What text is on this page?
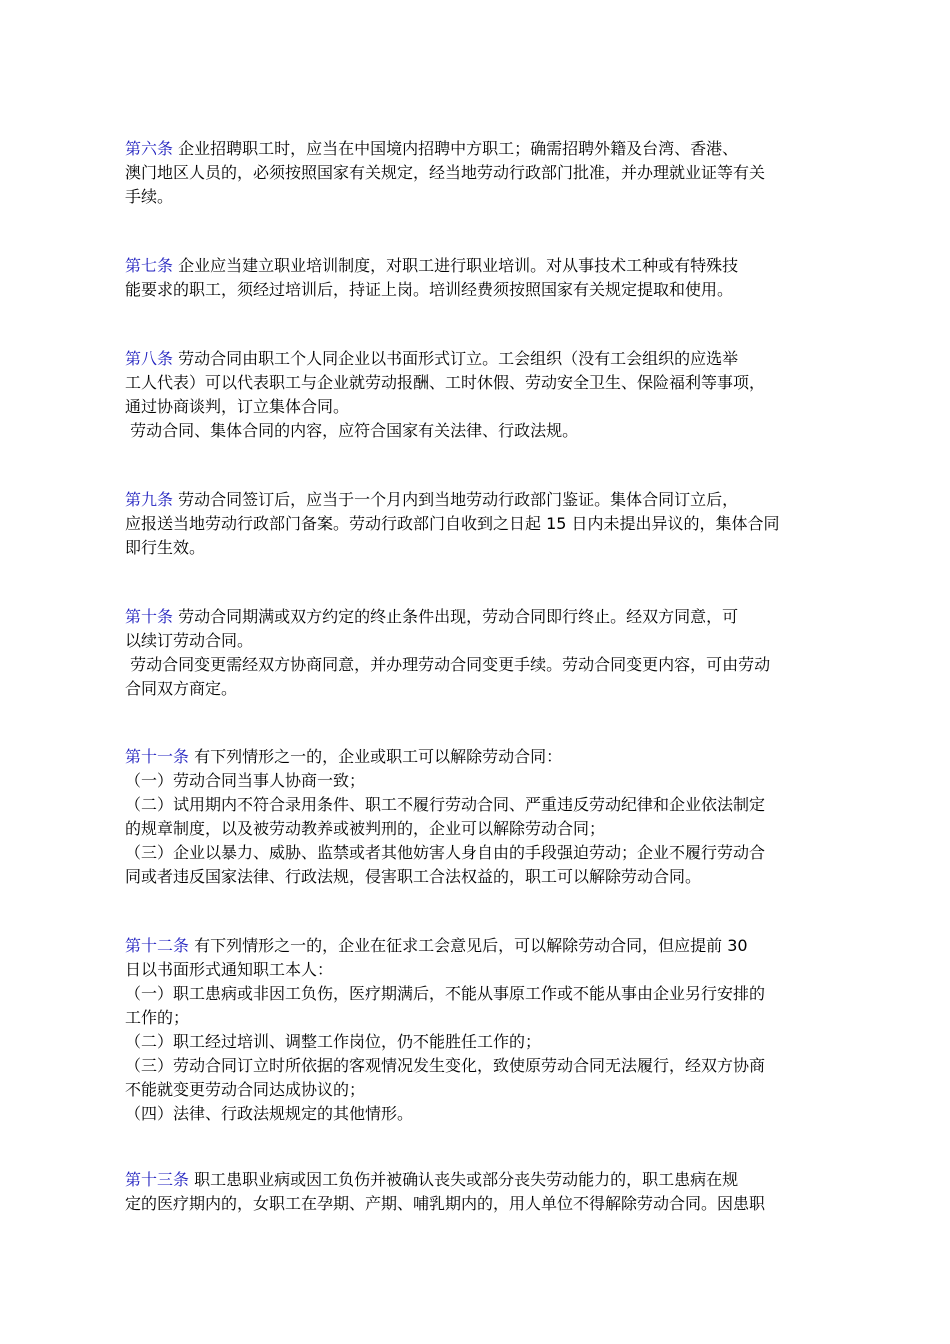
第六条 企业招聘职工时，应当在中国境内招聘中方职工；确需招聘外籍及台湾、香港、

澳门地区人员的，必须按照国家有关规定，经当地劳动行政部门批准，并办理就业证等有关

手续。

第七条 企业应当建立职业培训制度，对职工进行职业培训。对从事技术工种或有特殊技

能要求的职工，须经过培训后，持证上岗。培训经费须按照国家有关规定提取和使用。

第八条 劳动合同由职工个人同企业以书面形式订立。工会组织（没有工会组织的应选举

工人代表）可以代表职工与企业就劳动报酬、工时休假、劳动安全卫生、保险福利等事项，

通过协商谈判，订立集体合同。

劳动合同、集体合同的内容，应符合国家有关法律、行政法规。

第九条 劳动合同签订后，应当于一个月内到当地劳动行政部门鉴证。集体合同订立后，

应报送当地劳动行政部门备案。劳动行政部门自收到之日起 15 日内未提出异议的，集体合同

即行生效。

第十条 劳动合同期满或双方约定的终止条件出现，劳动合同即行终止。经双方同意，可

以续订劳动合同。

劳动合同变更需经双方协商同意，并办理劳动合同变更手续。劳动合同变更内容，可由劳动

合同双方商定。

第十一条 有下列情形之一的，企业或职工可以解除劳动合同：

（一）劳动合同当事人协商一致；

（二）试用期内不符合录用条件、职工不履行劳动合同、严重违反劳动纪律和企业依法制定

的规章制度，以及被劳动教养或被判刑的，企业可以解除劳动合同；

（三）企业以暴力、威胁、监禁或者其他妨害人身自由的手段强迫劳动；企业不履行劳动合

同或者违反国家法律、行政法规，侵害职工合法权益的，职工可以解除劳动合同。

第十二条 有下列情形之一的，企业在征求工会意见后，可以解除劳动合同，但应提前 30

日以书面形式通知职工本人：

（一）职工患病或非因工负伤，医疗期满后，不能从事原工作或不能从事由企业另行安排的

工作的；

（二）职工经过培训、调整工作岗位，仍不能胜任工作的；

（三）劳动合同订立时所依据的客观情况发生变化，致使原劳动合同无法履行，经双方协商

不能就变更劳动合同达成协议的；

（四）法律、行政法规规定的其他情形。

第十三条 职工患职业病或因工负伤并被确认丧失或部分丧失劳动能力的，职工患病在规

定的医疗期内的，女职工在孕期、产期、哺乳期内的，用人单位不得解除劳动合同。因患职
